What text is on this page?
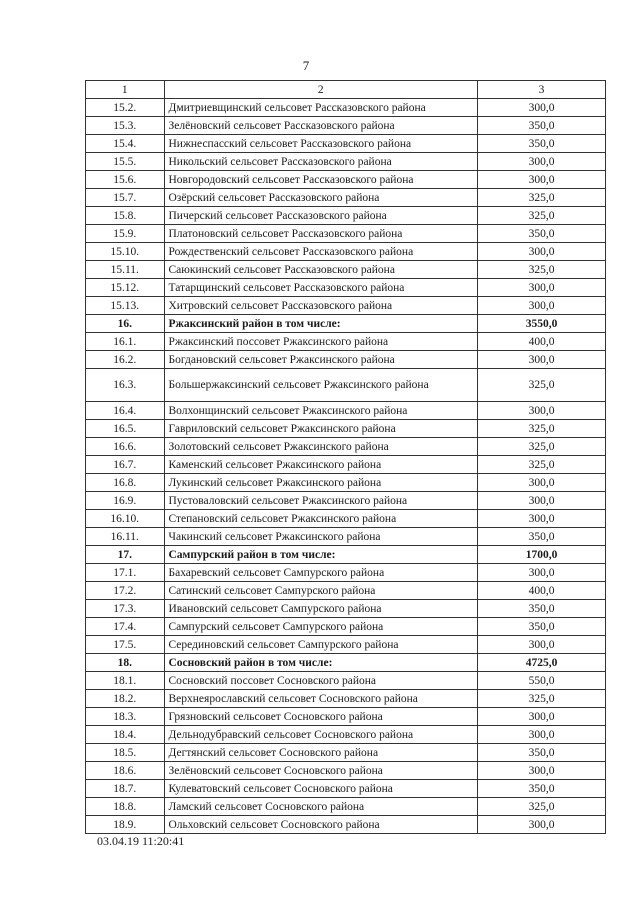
7
1	2	3
15.2.	Дмитриевщинский сельсовет Рассказовского района	300,0
15.3.	Зелёновский сельсовет Рассказовского района	350,0
15.4.	Нижнеспасский сельсовет Рассказовского района	350,0
15.5.	Никольский сельсовет Рассказовского района	300,0
15.6.	Новгородовский сельсовет Рассказовского района	300,0
15.7.	Озёрский сельсовет Рассказовского района	325,0
15.8.	Пичерский сельсовет Рассказовского района	325,0
15.9.	Платоновский сельсовет Рассказовского района	350,0
15.10.	Рождественский сельсовет Рассказовского района	300,0
15.11.	Саюкинский сельсовет Рассказовского района	325,0
15.12.	Татарщинский сельсовет Рассказовского района	300,0
15.13.	Хитровский сельсовет Рассказовского района	300,0
16.	Ржаксинский район в том числе:	3550,0
16.1.	Ржаксинский поссовет Ржаксинского района	400,0
16.2.	Богдановский сельсовет Ржаксинского района	300,0
16.3.	Большержаксинский сельсовет Ржаксинского района	325,0
16.4.	Волхонщинский сельсовет Ржаксинского района	300,0
16.5.	Гавриловский сельсовет Ржаксинского района	325,0
16.6.	Золотовский сельсовет Ржаксинского района	325,0
16.7.	Каменский сельсовет Ржаксинского района	325,0
16.8.	Лукинский сельсовет Ржаксинского района	300,0
16.9.	Пустоваловский сельсовет Ржаксинского района	300,0
16.10.	Степановский сельсовет Ржаксинского района	300,0
16.11.	Чакинский сельсовет Ржаксинского района	350,0
17.	Сампурский район в том числе:	1700,0
17.1.	Бахаревский сельсовет Сампурского района	300,0
17.2.	Сатинский сельсовет Сампурского района	400,0
17.3.	Ивановский сельсовет Сампурского района	350,0
17.4.	Сампурский сельсовет Сампурского района	350,0
17.5.	Серединовский сельсовет Сампурского района	300,0
18.	Сосновский район в том числе:	4725,0
18.1.	Сосновский поссовет Сосновского района	550,0
18.2.	Верхнеярославский сельсовет Сосновского района	325,0
18.3.	Грязновский сельсовет Сосновского района	300,0
18.4.	Дельнодубравский сельсовет Сосновского района	300,0
18.5.	Дегтянский сельсовет Сосновского района	350,0
18.6.	Зелёновский сельсовет Сосновского района	300,0
18.7.	Кулеватовский сельсовет Сосновского района	350,0
18.8.	Ламский сельсовет Сосновского района	325,0
18.9.	Ольховский сельсовет Сосновского района	300,0
03.04.19 11:20:41
